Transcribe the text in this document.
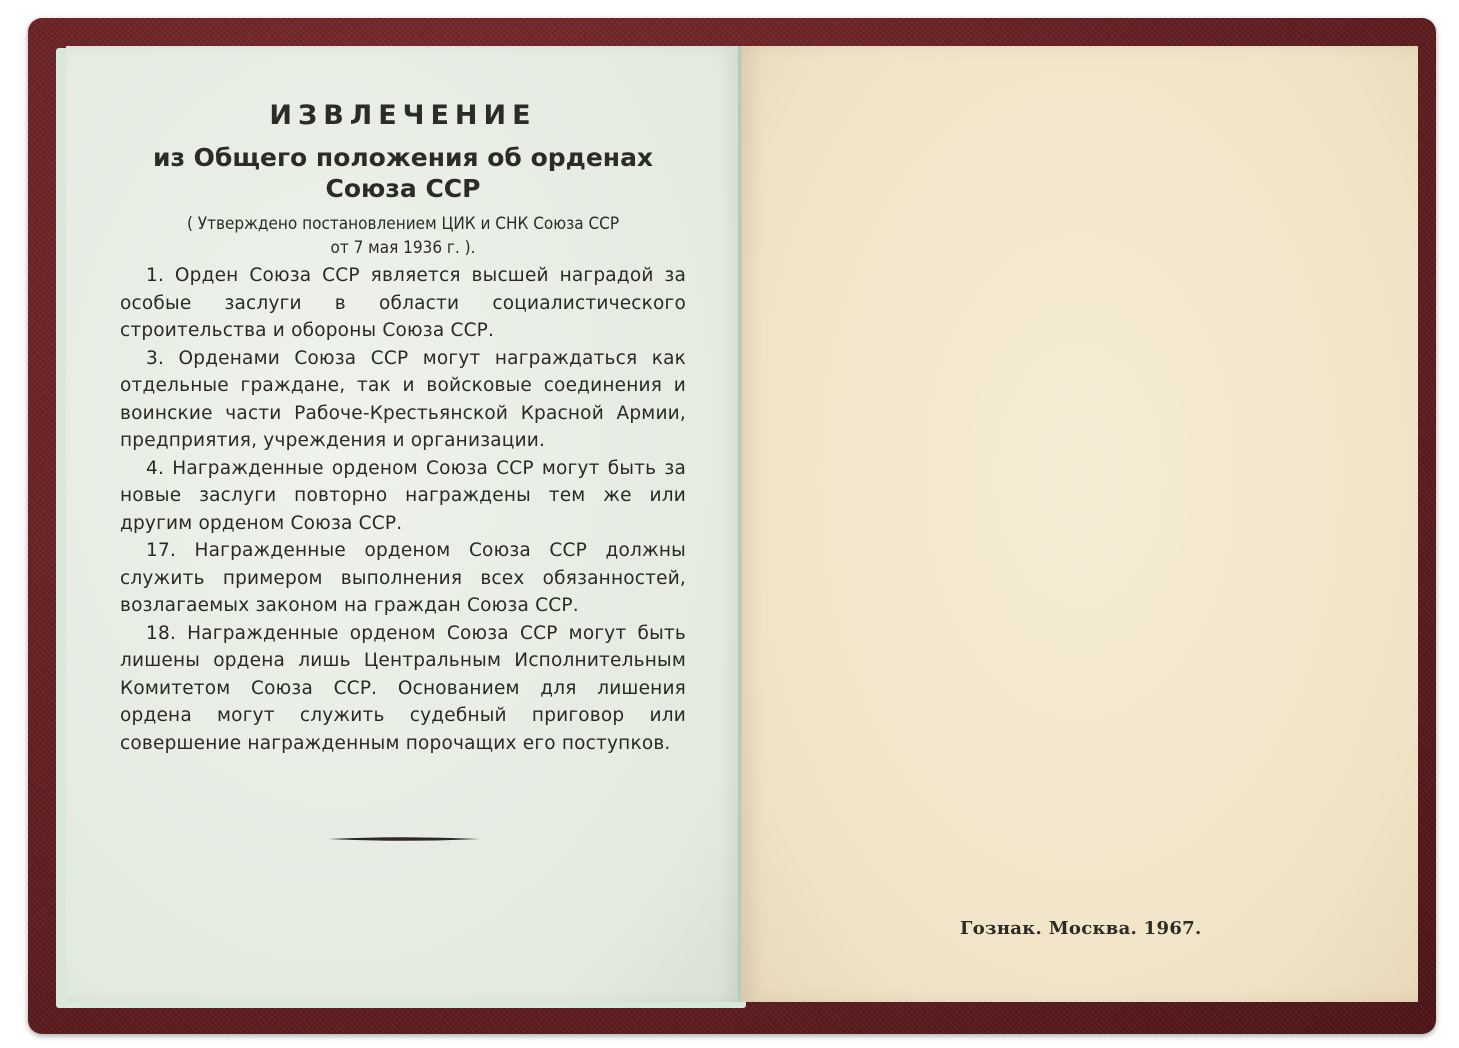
ИЗВЛЕЧЕНИЕ
из Общего положения об орденах
Союза ССР
( Утверждено постановлением ЦИК и СНК Союза ССР
от 7 мая 1936 г. ).

1. Орден Союза ССР является высшей наградой за особые заслуги в области социалистического строительства и обороны Союза ССР.

3. Орденами Союза ССР могут награждаться как отдельные граждане, так и войсковые соединения и воинские части Рабоче-Крестьянской Красной Армии, предприятия, учреждения и организации.

4. Награжденные орденом Союза ССР могут быть за новые заслуги повторно награждены тем же или другим орденом Союза ССР.

17. Награжденные орденом Союза ССР должны служить примером выполнения всех обязанностей, возлагаемых законом на граждан Союза ССР.

18. Награжденные орденом Союза ССР могут быть лишены ордена лишь Центральным Исполнительным Комитетом Союза ССР. Основанием для лишения ордена могут служить судебный приговор или совершение награжденным порочащих его поступков.

Гознак. Москва. 1967.
